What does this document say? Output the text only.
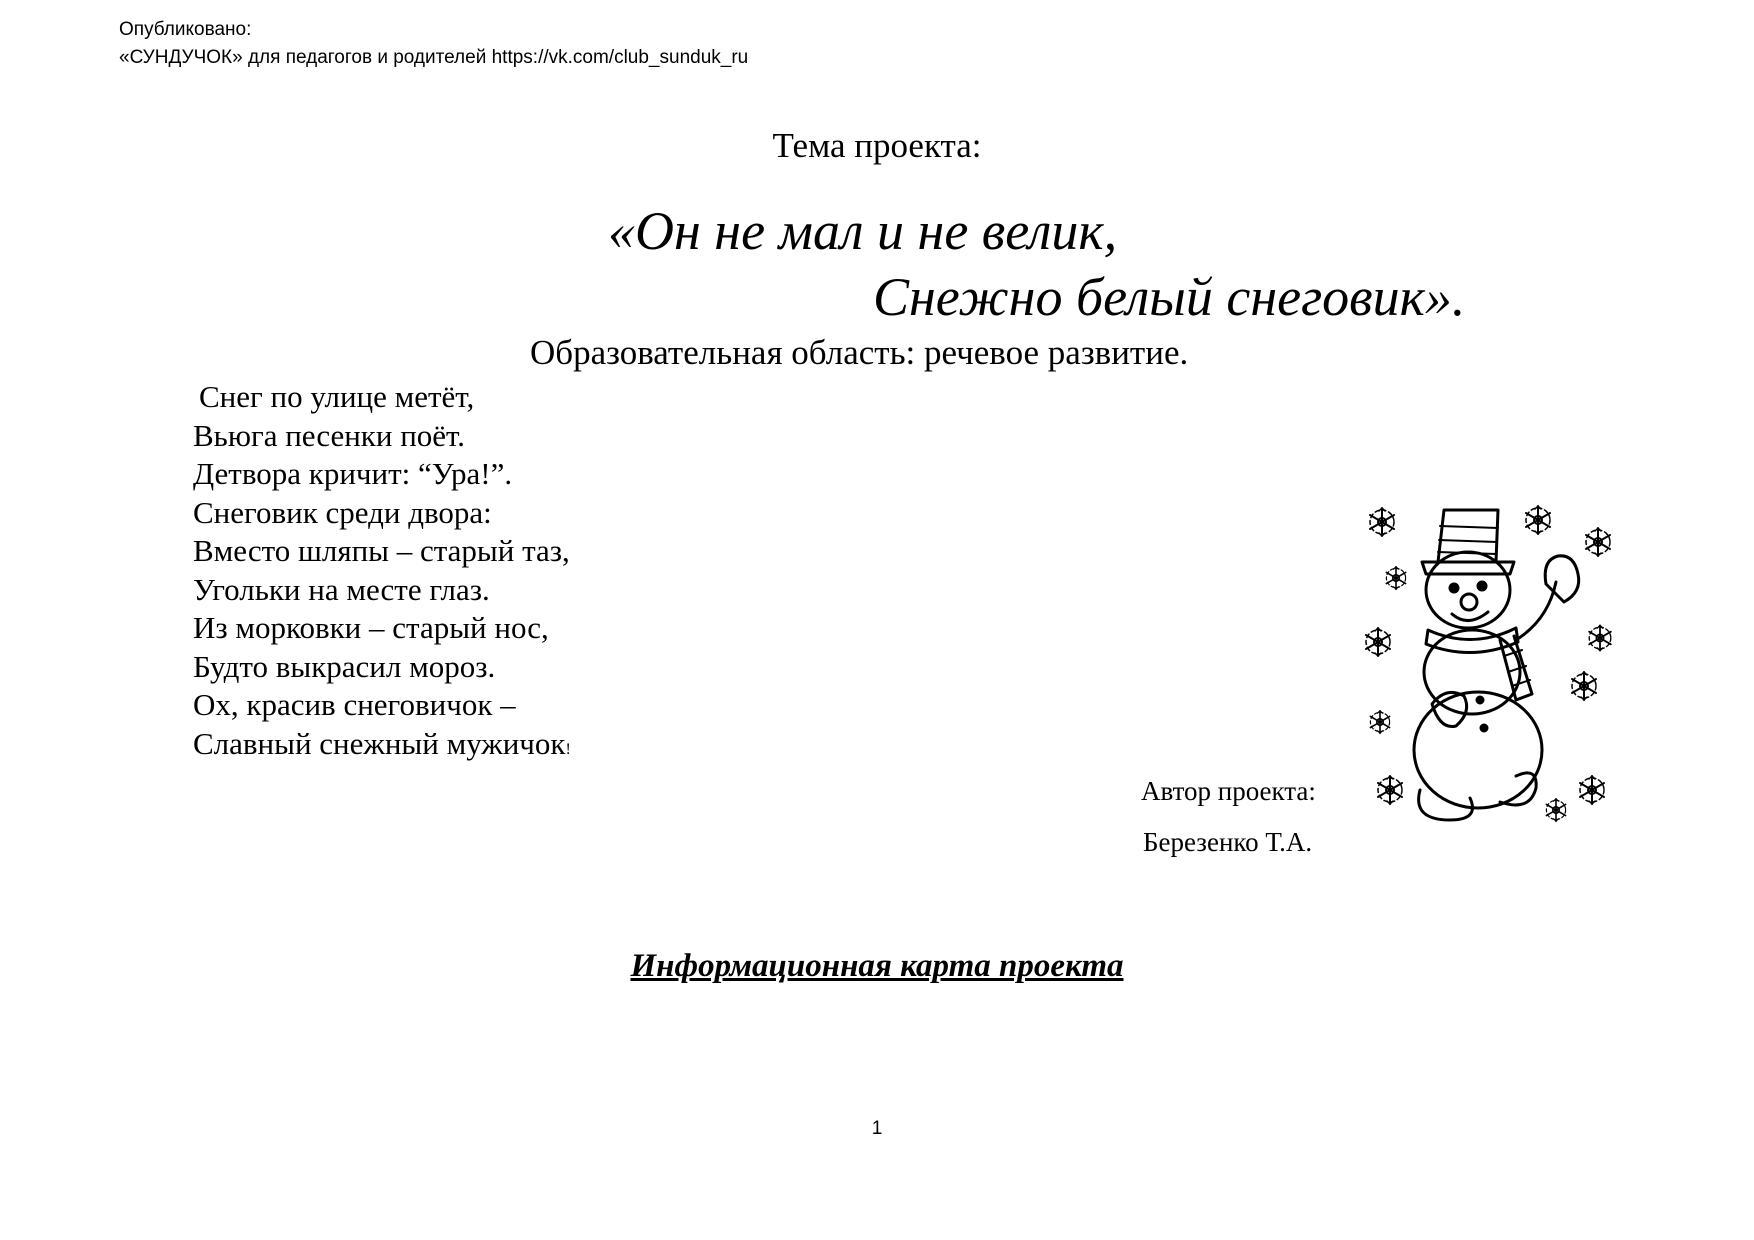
Опубликовано:
«СУНДУЧОК» для педагогов и родителей https://vk.com/club_sunduk_ru
Тема проекта:
«Он не мал и не велик,
Снежно белый снеговик».
Образовательная область: речевое развитие.
Снег по улице метёт,
Вьюга песенки поёт.
Детвора кричит: “Ура!”.
Снеговик среди двора:
Вместо шляпы – старый таз,
Угольки на месте глаз.
Из морковки – старый нос,
Будто выкрасил мороз.
Ох, красив снеговичок –
Славный снежный мужичок!
Автор проекта:
Березенко Т.А.
Информационная карта проекта
1
